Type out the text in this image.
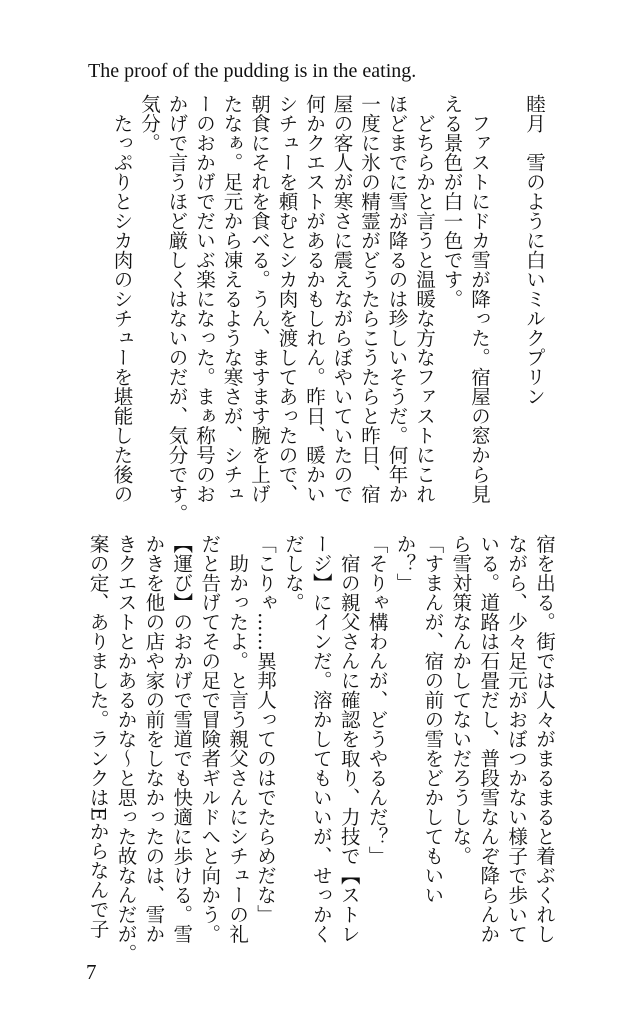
The proof of the pudding is in the eating.
睦月　雪のように白いミルクプリン
　ファストにドカ雪が降った。宿屋の窓から見
える景色が白一色です。
　どちらかと言うと温暖な方なファストにこれ
ほどまでに雪が降るのは珍しいそうだ。何年か
一度に氷の精霊がどうたらこうたらと昨日、宿
屋の客人が寒さに震えながらぼやいていたので
何かクエストがあるかもしれん。昨日、暖かい
シチューを頼むとシカ肉を渡してあったので、
朝食にそれを食べる。うん、ますます腕を上げ
たなぁ。足元から凍えるような寒さが、シチュ
ーのおかげでだいぶ楽になった。まぁ称号のお
かげで言うほど厳しくはないのだが、気分です。
気分。
　たっぷりとシカ肉のシチューを堪能した後の
宿を出る。街では人々がまるまると着ぶくれし
ながら、少々足元がおぼつかない様子で歩いて
いる。道路は石畳だし、普段雪なんぞ降らんか
ら雪対策なんかしてないだろうしな。
「すまんが、宿の前の雪をどかしてもいい
か？」
「そりゃ構わんが、どうやるんだ？」
　宿の親父さんに確認を取り、力技で【ストレ
ージ】にインだ。溶かしてもいいが、せっかく
だしな。
「こりゃ……異邦人ってのはでたらめだな」
　助かったよ。と言う親父さんにシチューの礼
だと告げてその足で冒険者ギルドへと向かう。
【運び】のおかげで雪道でも快適に歩ける。雪
かきを他の店や家の前をしなかったのは、雪か
きクエストとかあるかな～と思った故なんだが。
案の定、ありました。ランクはEからなんで子
7
